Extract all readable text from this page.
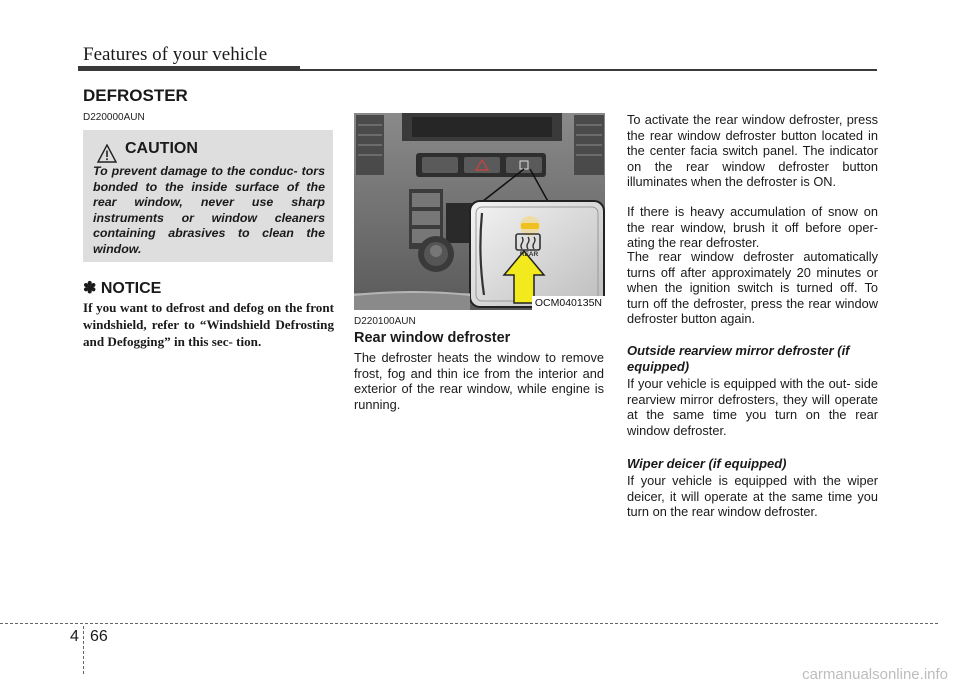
Features of your vehicle
DEFROSTER
D220000AUN
CAUTION

To prevent damage to the conduc- tors bonded to the inside surface of the rear window, never use sharp instruments or window cleaners containing abrasives to clean the window.

✽ NOTICE

If you want to defrost and defog on the front windshield, refer to “Windshield Defrosting and Defogging” in this sec- tion.

REAR
OCM040135N
D220100AUN
Rear window defroster

The defroster heats the window to remove frost, fog and thin ice from the interior and exterior of the rear window, while engine is running.

To activate the rear window defroster, press the rear window defroster button located in the center facia switch panel. The indicator on the rear window defroster button illuminates when the defroster is ON.

If there is heavy accumulation of snow on the rear window, brush it off before oper- ating the rear defroster.

The rear window defroster automatically turns off after approximately 20 minutes or when the ignition switch is turned off. To turn off the defroster, press the rear window defroster button again.

Outside rearview mirror defroster (if equipped)

If your vehicle is equipped with the out- side rearview mirror defrosters, they will operate at the same time you turn on the rear window defroster.

Wiper deicer (if equipped)

If your vehicle is equipped with the wiper deicer, it will operate at the same time you turn on the rear window defroster.

4 66
carmanualsonline.info
